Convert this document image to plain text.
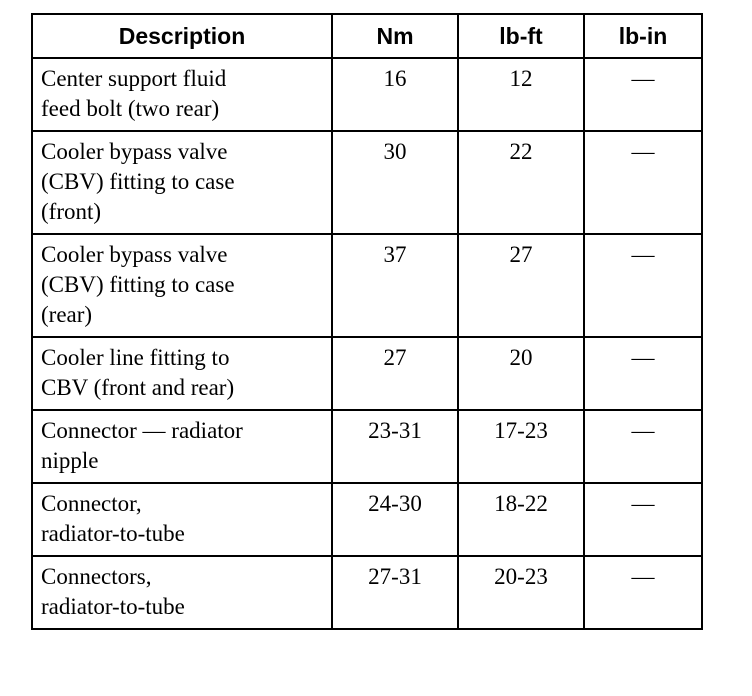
Description	Nm	lb-ft	lb-in

Center support fluid
feed bolt (two rear)	16	12	—

Cooler bypass valve
(CBV) fitting to case
(front)	30	22	—

Cooler bypass valve
(CBV) fitting to case
(rear)	37	27	—

Cooler line fitting to
CBV (front and rear)	27	20	—

Connector — radiator
nipple	23-31	17-23	—

Connector,
radiator-to-tube	24-30	18-22	—

Connectors,
radiator-to-tube	27-31	20-23	—
